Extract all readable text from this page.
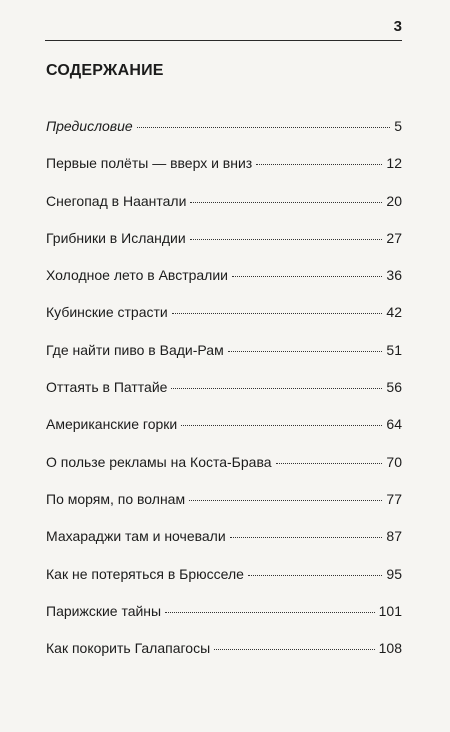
3
СОДЕРЖАНИЕ
Предисловие	5
Первые полёты — вверх и вниз	12
Снегопад в Наантали	20
Грибники в Исландии	27
Холодное лето в Австралии	36
Кубинские страсти	42
Где найти пиво в Вади-Рам	51
Оттаять в Паттайе	56
Американские горки	64
О пользе рекламы на Коста-Брава	70
По морям, по волнам	77
Махараджи там и ночевали	87
Как не потеряться в Брюсселе	95
Парижские тайны	101
Как покорить Галапагосы	108
